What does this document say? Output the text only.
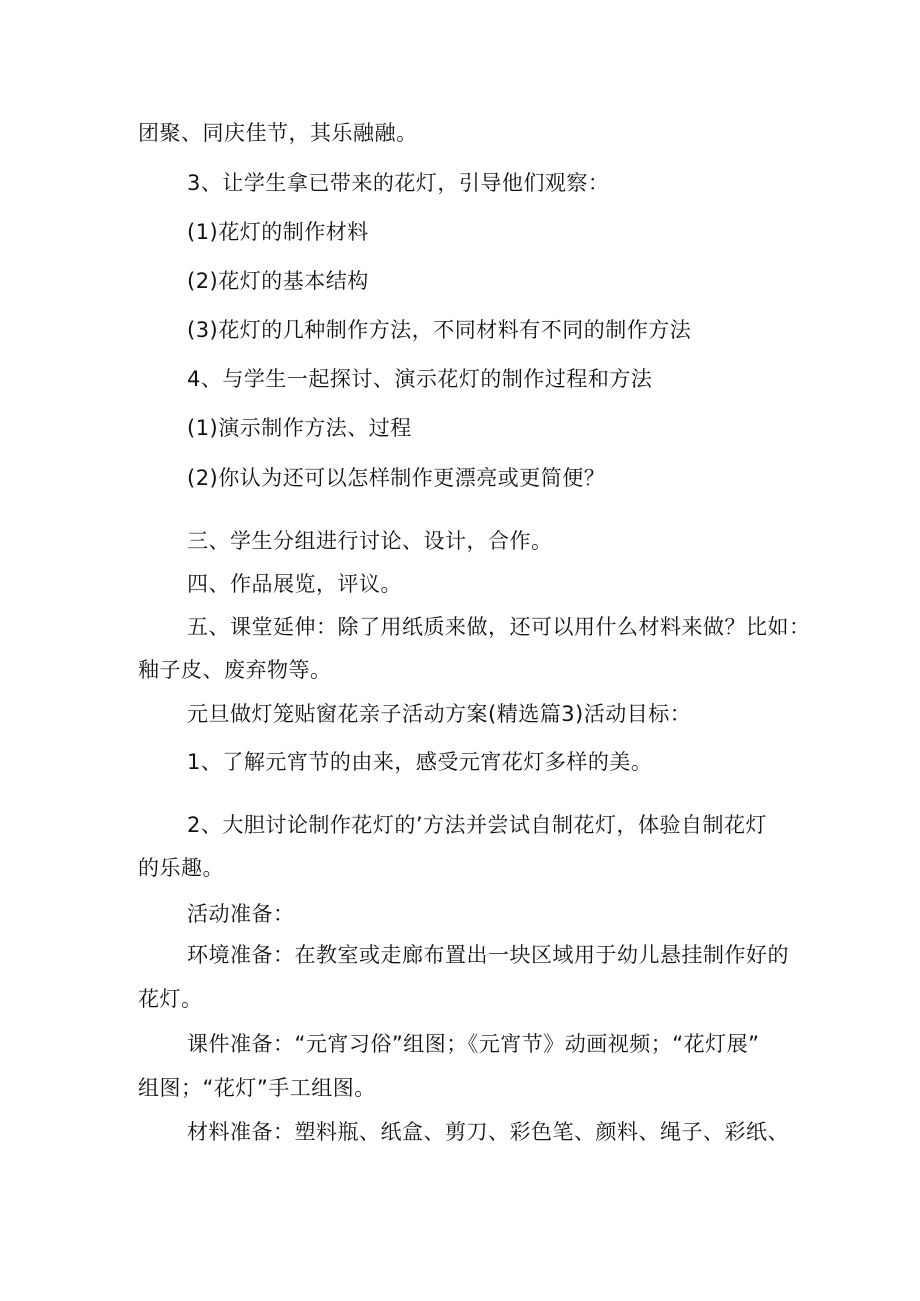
团聚、同庆佳节，其乐融融。
3、让学生拿已带来的花灯，引导他们观察：
(1)花灯的制作材料
(2)花灯的基本结构
(3)花灯的几种制作方法，不同材料有不同的制作方法
4、与学生一起探讨、演示花灯的制作过程和方法
(1)演示制作方法、过程
(2)你认为还可以怎样制作更漂亮或更简便？
三、学生分组进行讨论、设计，合作。
四、作品展览，评议。
五、课堂延伸：除了用纸质来做，还可以用什么材料来做？比如：
釉子皮、废弃物等。
元旦做灯笼贴窗花亲子活动方案(精选篇3)活动目标：
1、了解元宵节的由来，感受元宵花灯多样的美。
2、大胆讨论制作花灯的’方法并尝试自制花灯，体验自制花灯
的乐趣。
活动准备：
环境准备：在教室或走廊布置出一块区域用于幼儿悬挂制作好的
花灯。
课件准备：“元宵习俗”组图；《元宵节》动画视频；“花灯展”
组图；“花灯”手工组图。
材料准备：塑料瓶、纸盒、剪刀、彩色笔、颜料、绳子、彩纸、
